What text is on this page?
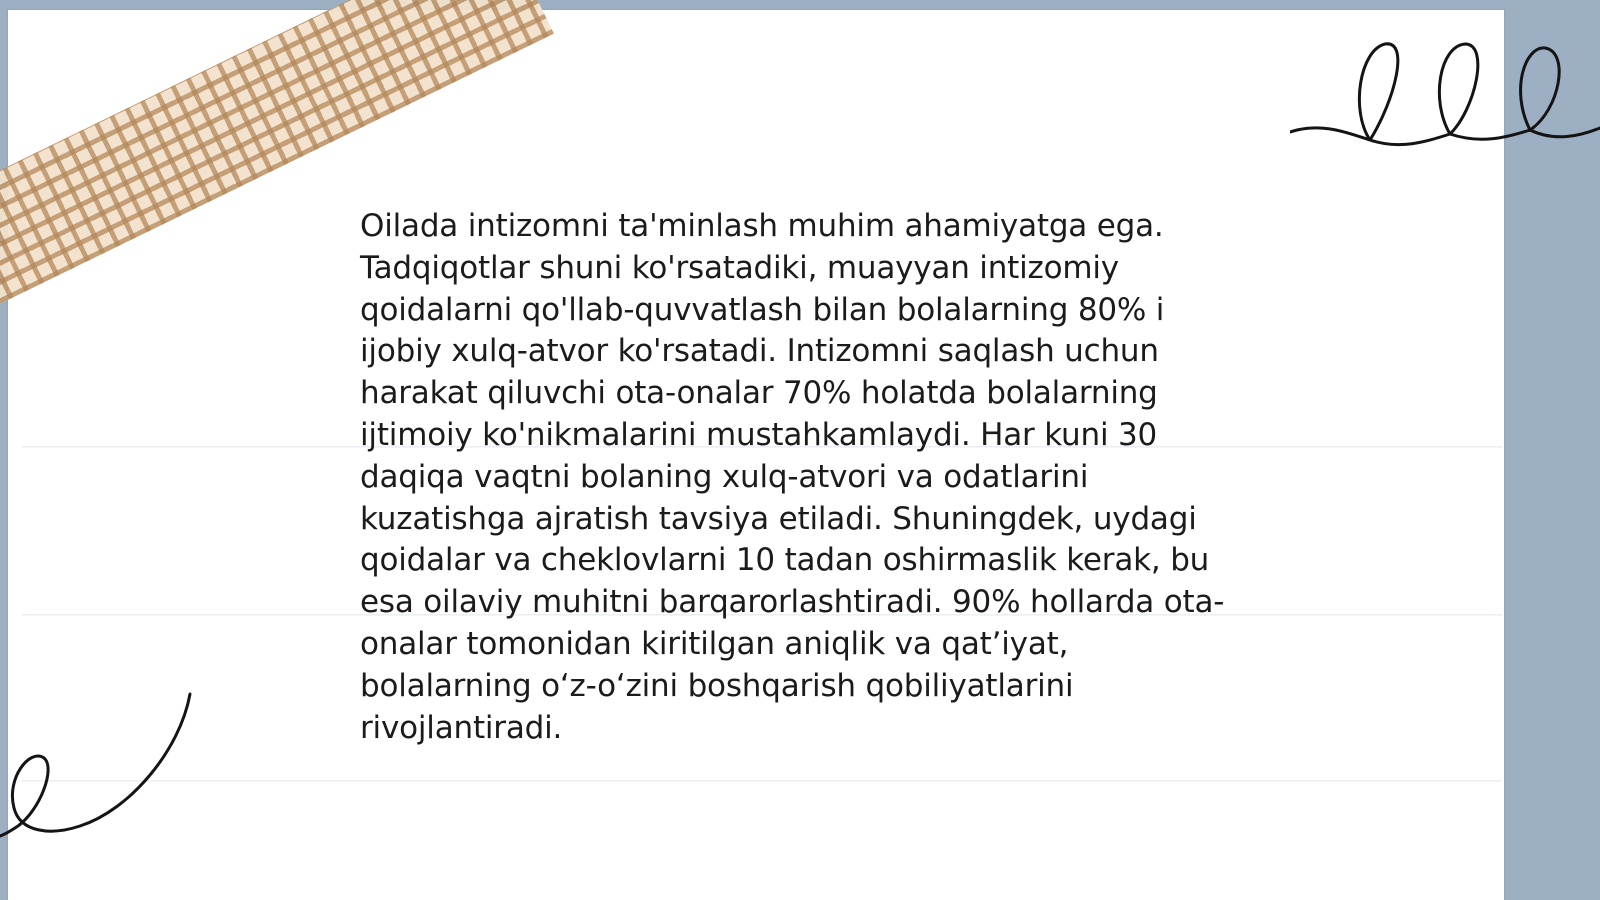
Oilada intizomni ta'minlash muhim ahamiyatga ega. Tadqiqotlar shuni ko'rsatadiki, muayyan intizomiy qoidalarni qo'llab-quvvatlash bilan bolalarning 80% i ijobiy xulq-atvor ko'rsatadi. Intizomni saqlash uchun harakat qiluvchi ota-onalar 70% holatda bolalarning ijtimoiy ko'nikmalarini mustahkamlaydi. Har kuni 30 daqiqa vaqtni bolaning xulq-atvori va odatlarini kuzatishga ajratish tavsiya etiladi. Shuningdek, uydagi qoidalar va cheklovlarni 10 tadan oshirmaslik kerak, bu esa oilaviy muhitni barqarorlashtiradi. 90% hollarda ota-onalar tomonidan kiritilgan aniqlik va qat’iyat, bolalarning o‘z-o‘zini boshqarish qobiliyatlarini rivojlantiradi.
